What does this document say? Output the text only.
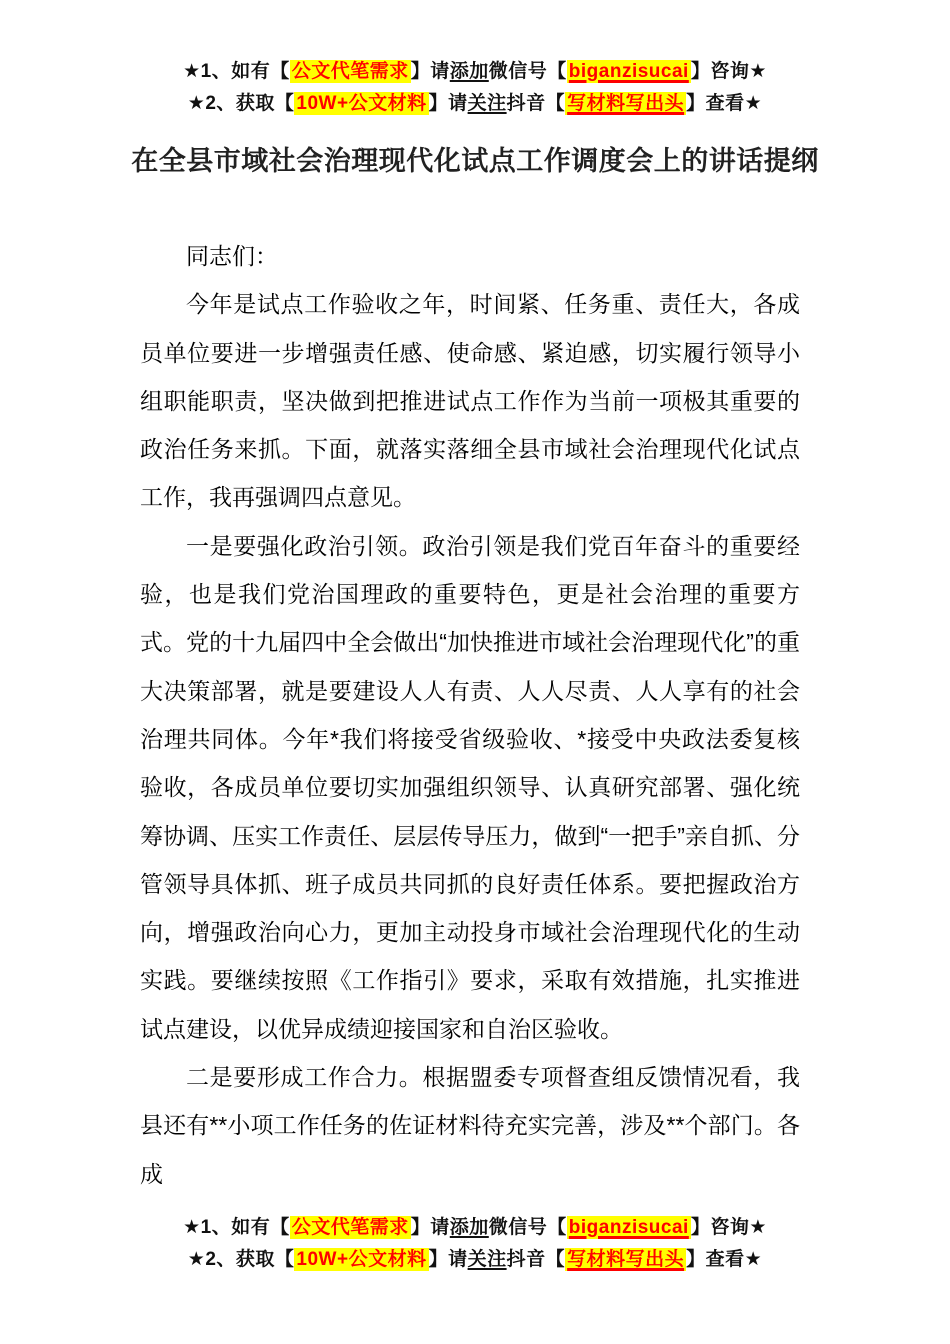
★1、如有【 公文代笔需求 】请添加微信号【 biganzisucai 】咨询★
★2、获取【 10W+公文材料 】请关注抖音【 写材料写出头 】查看★
在全县市域社会治理现代化试点工作调度会上的讲话提纲

同志们：

今年是试点工作验收之年，时间紧、任务重、责任大，各成员单位要进一步增强责任感、使命感、紧迫感，切实履行领导小组职能职责，坚决做到把推进试点工作作为当前一项极其重要的政治任务来抓。下面，就落实落细全县市域社会治理现代化试点工作，我再强调四点意见。

一是要强化政治引领。政治引领是我们党百年奋斗的重要经验，也是我们党治国理政的重要特色，更是社会治理的重要方式。党的十九届四中全会做出“加快推进市域社会治理现代化”的重大决策部署，就是要建设人人有责、人人尽责、人人享有的社会治理共同体。今年*我们将接受省级验收、*接受中央政法委复核验收，各成员单位要切实加强组织领导、认真研究部署、强化统筹协调、压实工作责任、层层传导压力，做到“一把手”亲自抓、分管领导具体抓、班子成员共同抓的良好责任体系。要把握政治方向，增强政治向心力，更加主动投身市域社会治理现代化的生动实践。要继续按照《工作指引》要求，采取有效措施，扎实推进试点建设，以优异成绩迎接国家和自治区验收。

二是要形成工作合力。根据盟委专项督查组反馈情况看，我县还有**小项工作任务的佐证材料待充实完善，涉及**个部门。各成

★1、如有【 公文代笔需求 】请添加微信号【 biganzisucai 】咨询★
★2、获取【 10W+公文材料 】请关注抖音【 写材料写出头 】查看★
